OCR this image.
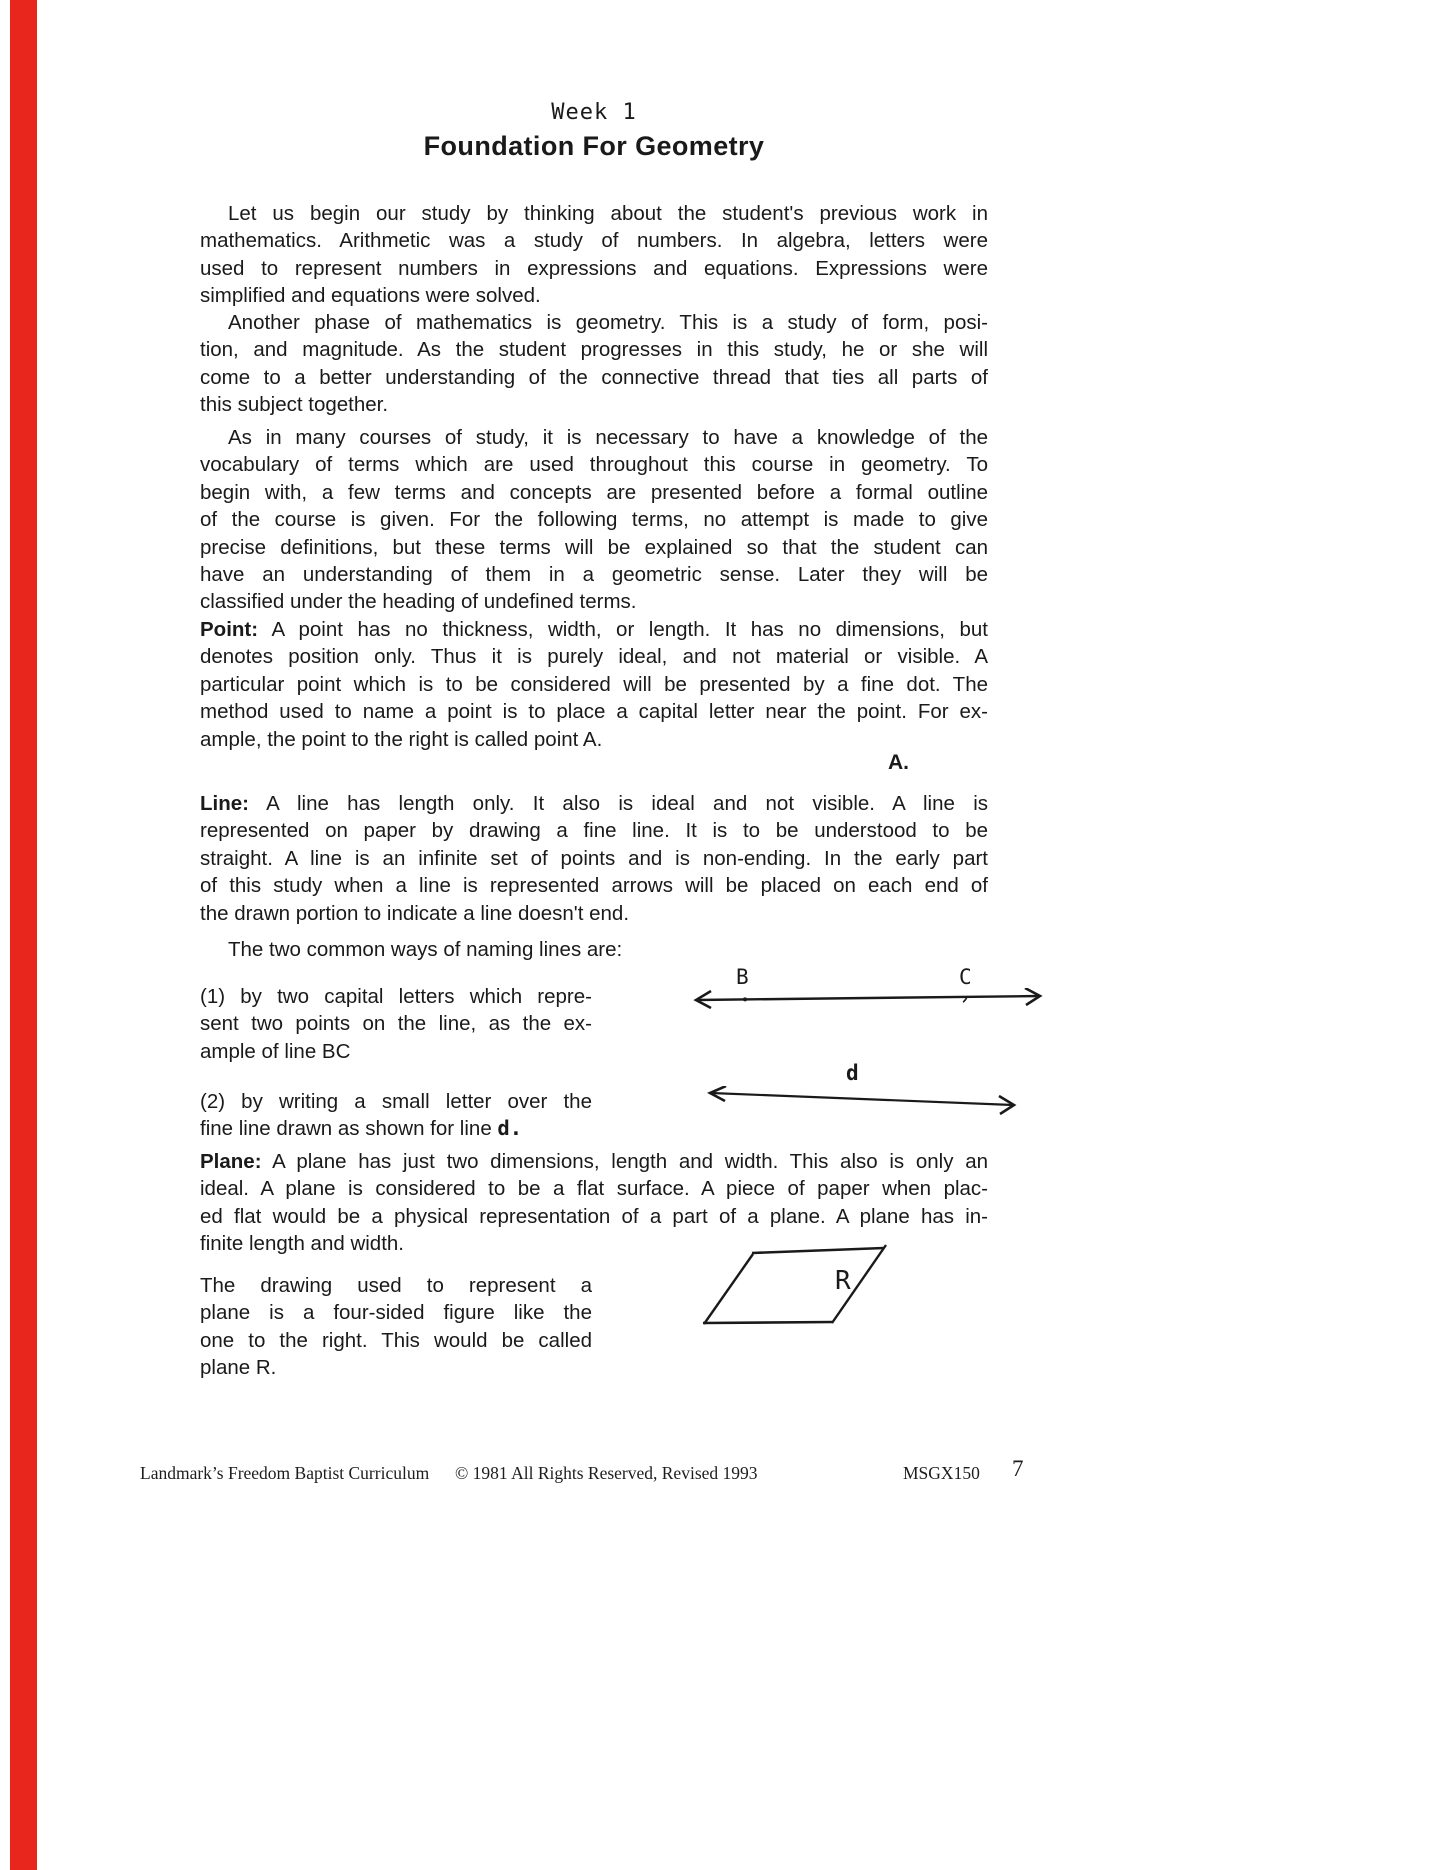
Week 1
Foundation For Geometry
Let us begin our study by thinking about the student's previous work in
mathematics. Arithmetic was a study of numbers. In algebra, letters were
used to represent numbers in expressions and equations. Expressions were
simplified and equations were solved.
Another phase of mathematics is geometry. This is a study of form, posi-
tion, and magnitude. As the student progresses in this study, he or she will
come to a better understanding of the connective thread that ties all parts of
this subject together.
As in many courses of study, it is necessary to have a knowledge of the
vocabulary of terms which are used throughout this course in geometry. To
begin with, a few terms and concepts are presented before a formal outline
of the course is given. For the following terms, no attempt is made to give
precise definitions, but these terms will be explained so that the student can
have an understanding of them in a geometric sense. Later they will be
classified under the heading of undefined terms.
Point: A point has no thickness, width, or length. It has no dimensions, but
denotes position only. Thus it is purely ideal, and not material or visible. A
particular point which is to be considered will be presented by a fine dot. The
method used to name a point is to place a capital letter near the point. For ex-
ample, the point to the right is called point A.
A.
Line: A line has length only. It also is ideal and not visible. A line is
represented on paper by drawing a fine line. It is to be understood to be
straight. A line is an infinite set of points and is non-ending. In the early part
of this study when a line is represented arrows will be placed on each end of
the drawn portion to indicate a line doesn't end.
The two common ways of naming lines are:
(1) by two capital letters which repre-
sent two points on the line, as the ex-
ample of line BC
(2) by writing a small letter over the
fine line drawn as shown for line d.
B	C
d
Plane: A plane has just two dimensions, length and width. This also is only an
ideal. A plane is considered to be a flat surface. A piece of paper when plac-
ed flat would be a physical representation of a part of a plane. A plane has in-
finite length and width.
The drawing used to represent a
plane is a four-sided figure like the
one to the right. This would be called
plane R.
R
Landmark’s Freedom Baptist Curriculum © 1981 All Rights Reserved, Revised 1993	MSGX150 7
